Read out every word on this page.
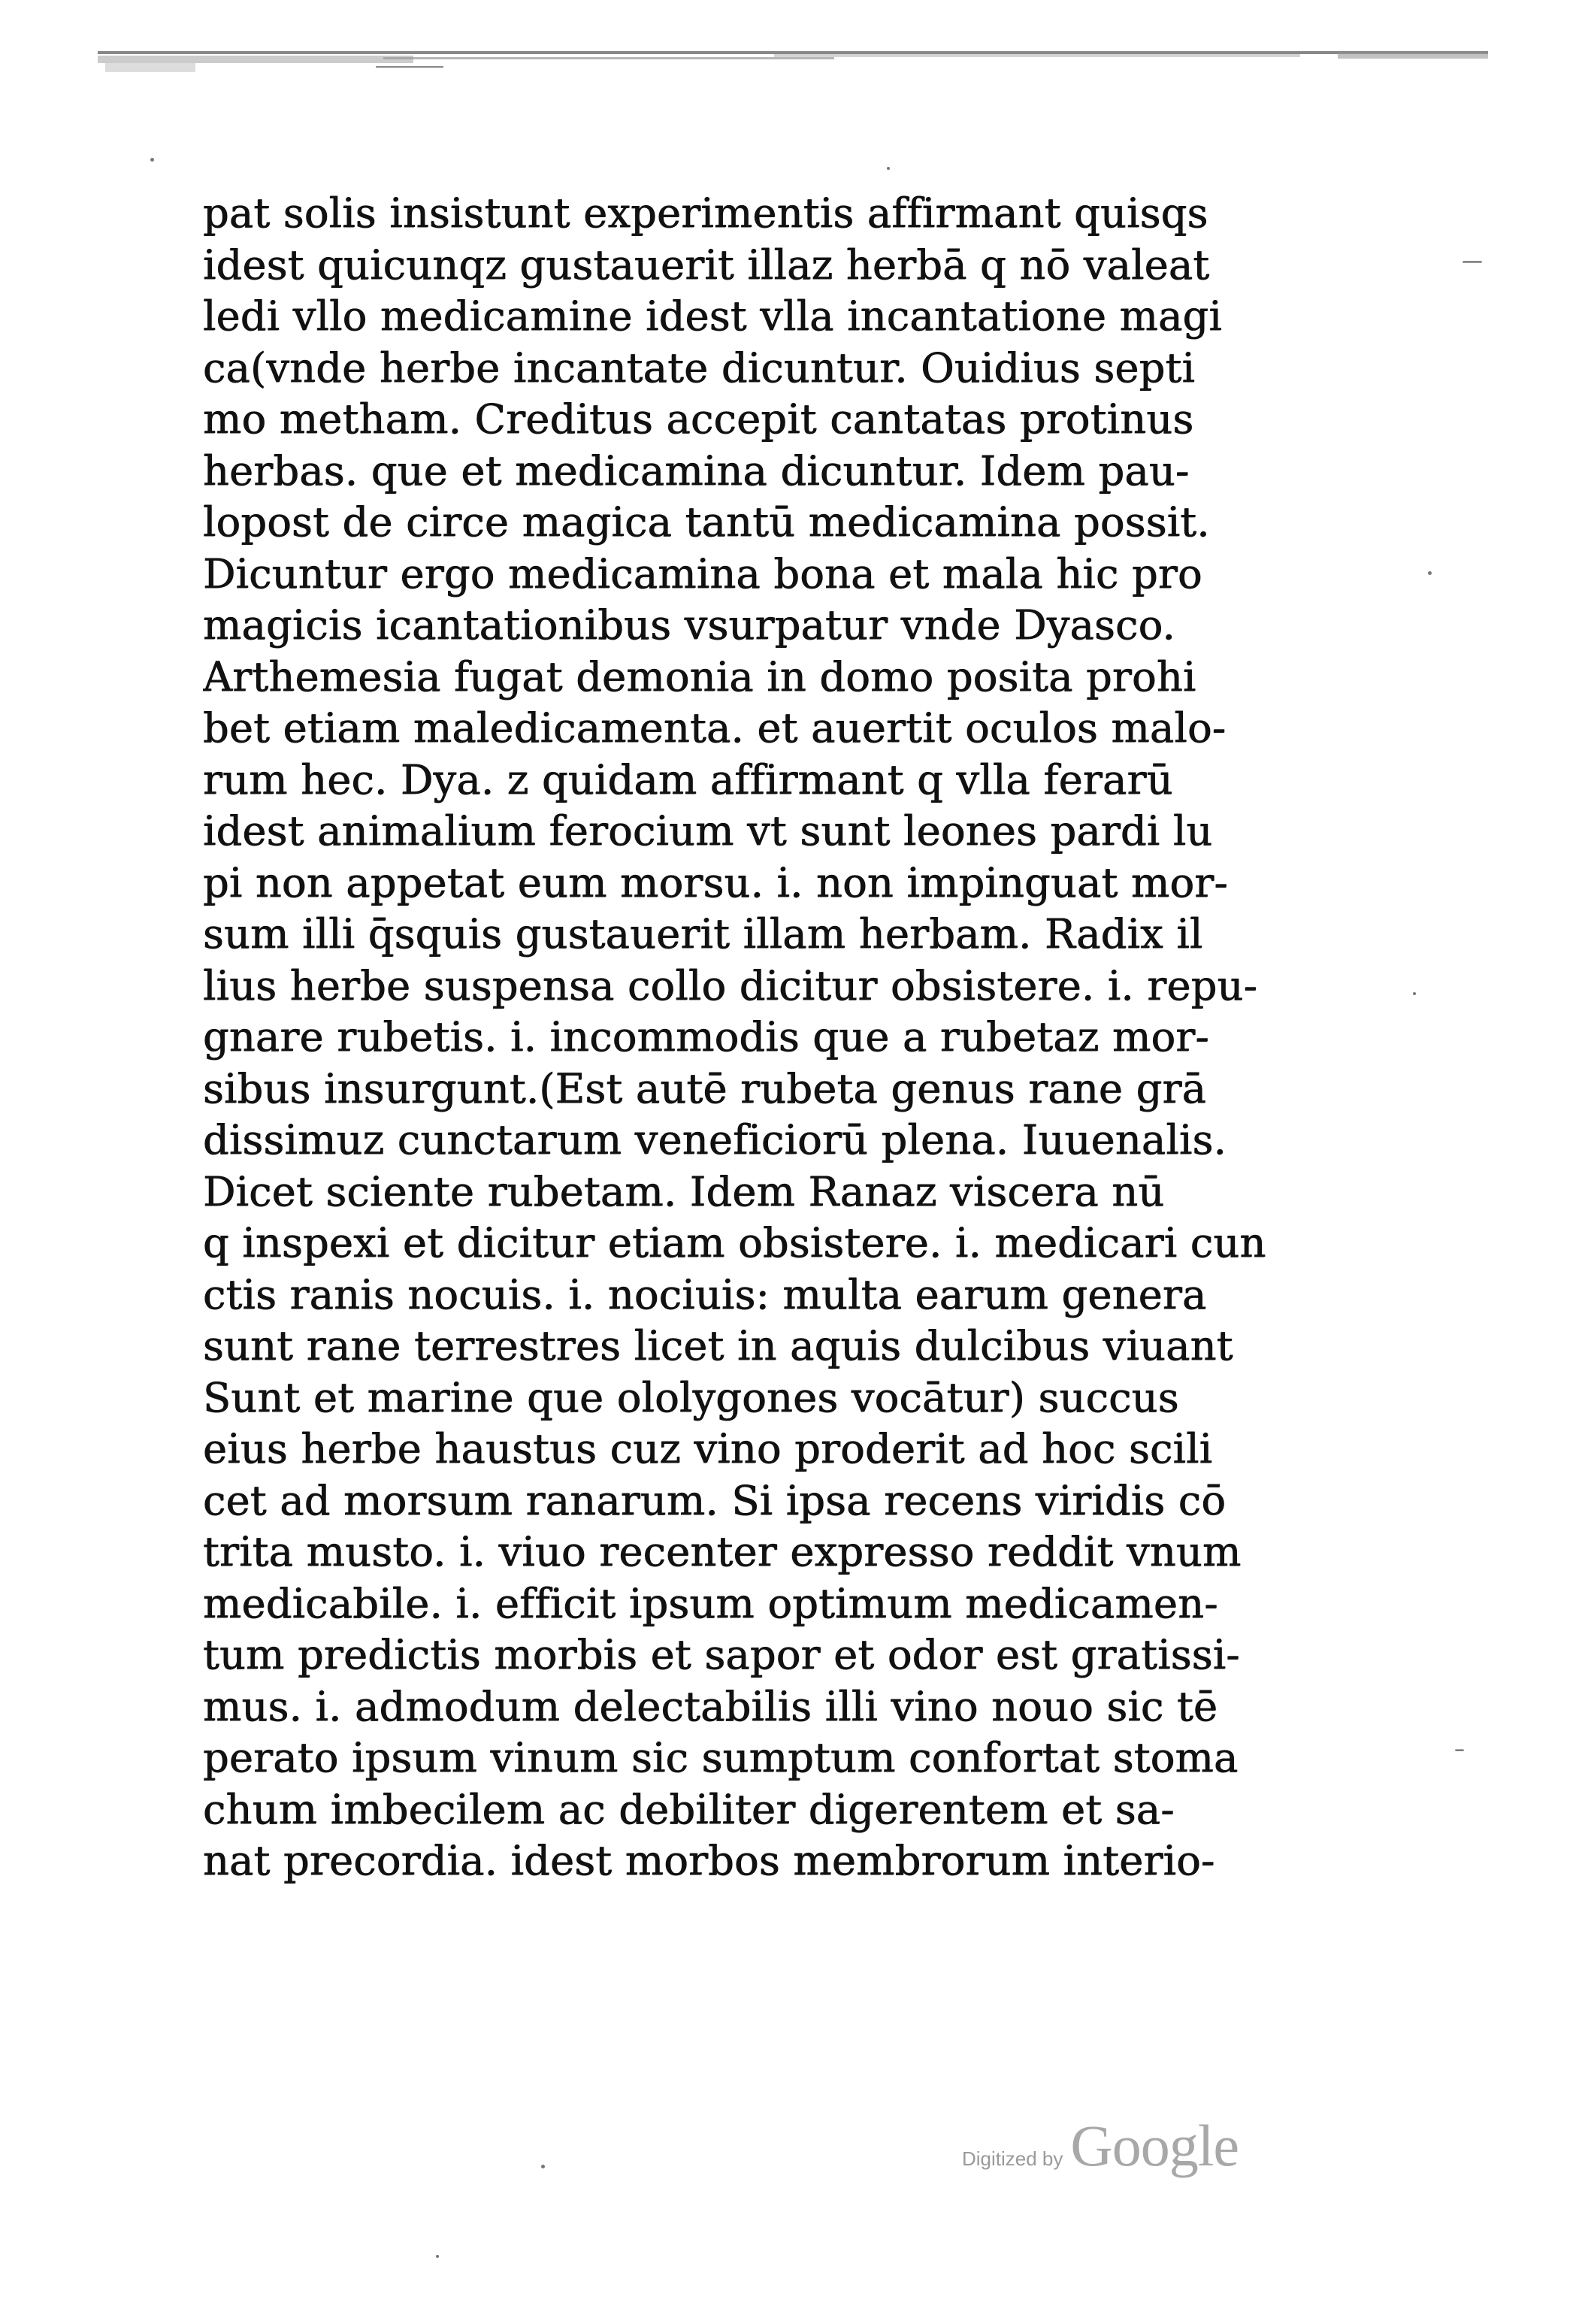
—
–
pat solis insistunt experimentis affirmant quisqs
idest quicunqz gustauerit illaz herbā q nō valeat
ledi vllo medicamine idest vlla incantatione magi
ca(vnde herbe incantate dicuntur. Ouidius septi
mo metham. Creditus accepit cantatas protinus
herbas. que et medicamina dicuntur. Idem pau-
lopost de circe magica tantū medicamina possit.
Dicuntur ergo medicamina bona et mala hic pro
magicis icantationibus vsurpatur vnde Dyasco.
Arthemesia fugat demonia in domo posita prohi
bet etiam maledicamenta. et auertit oculos malo-
rum hec. Dya. z quidam affirmant q vlla ferarū
idest animalium ferocium vt sunt leones pardi lu
pi non appetat eum morsu. i. non impinguat mor-
sum illi q̄squis gustauerit illam herbam. Radix il
lius herbe suspensa collo dicitur obsistere. i. repu-
gnare rubetis. i. incommodis que a rubetaz mor-
sibus insurgunt.(Est autē rubeta genus rane grā
dissimuz cunctarum veneficiorū plena. Iuuenalis.
Dicet sciente rubetam. Idem Ranaz viscera nū
q inspexi et dicitur etiam obsistere. i. medicari cun
ctis ranis nocuis. i. nociuis: multa earum genera
sunt rane terrestres licet in aquis dulcibus viuant
Sunt et marine que ololygones vocātur) succus
eius herbe haustus cuz vino proderit ad hoc scili
cet ad morsum ranarum. Si ipsa recens viridis cō
trita musto. i. viuo recenter expresso reddit vnum
medicabile. i. efficit ipsum optimum medicamen-
tum predictis morbis et sapor et odor est gratissi-
mus. i. admodum delectabilis illi vino nouo sic tē
perato ipsum vinum sic sumptum confortat stoma
chum imbecilem ac debiliter digerentem et sa-
nat precordia. idest morbos membrorum interio-
Digitized by Google
